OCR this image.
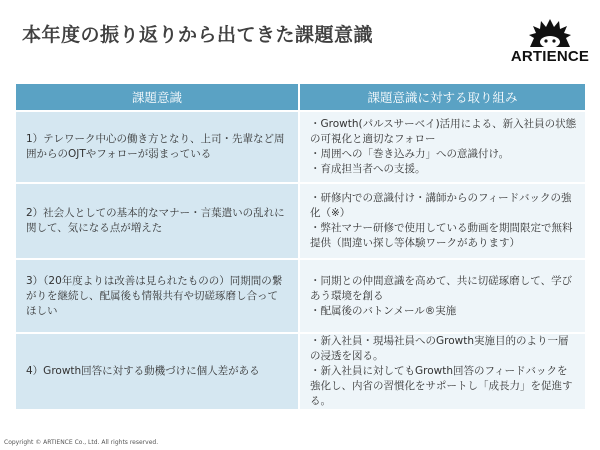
本年度の振り返りから出てきた課題意識
ARTIENCE
課題意識	課題意識に対する取り組み

1）テレワーク中心の働き方となり、上司・先輩など周囲からのOJTやフォローが弱まっている	・Growth(パルスサーベイ)活用による、新入社員の状態の可視化と適切なフォロー
・周囲への「巻き込み力」への意識付け。
・育成担当者への支援。

2）社会人としての基本的なマナー・言葉遣いの乱れに関して、気になる点が増えた	・研修内での意識付け・講師からのフィードバックの強化（※）
・弊社マナー研修で使用している動画を期間限定で無料提供（間違い探し等体験ワークがあります）

3）（20年度よりは改善は見られたものの）同期間の繋がりを継続し、配属後も情報共有や切磋琢磨し合ってほしい	・同期との仲間意識を高めて、共に切磋琢磨して、学びあう環境を創る
・配属後のバトンメール®実施

4）Growth回答に対する動機づけに個人差がある	・新入社員・現場社員へのGrowth実施目的のより一層の浸透を図る。
・新入社員に対してもGrowth回答のフィードバックを強化し、内省の習慣化をサポートし「成長力」を促進する。
Copyright © ARTIENCE Co., Ltd. All rights reserved.
